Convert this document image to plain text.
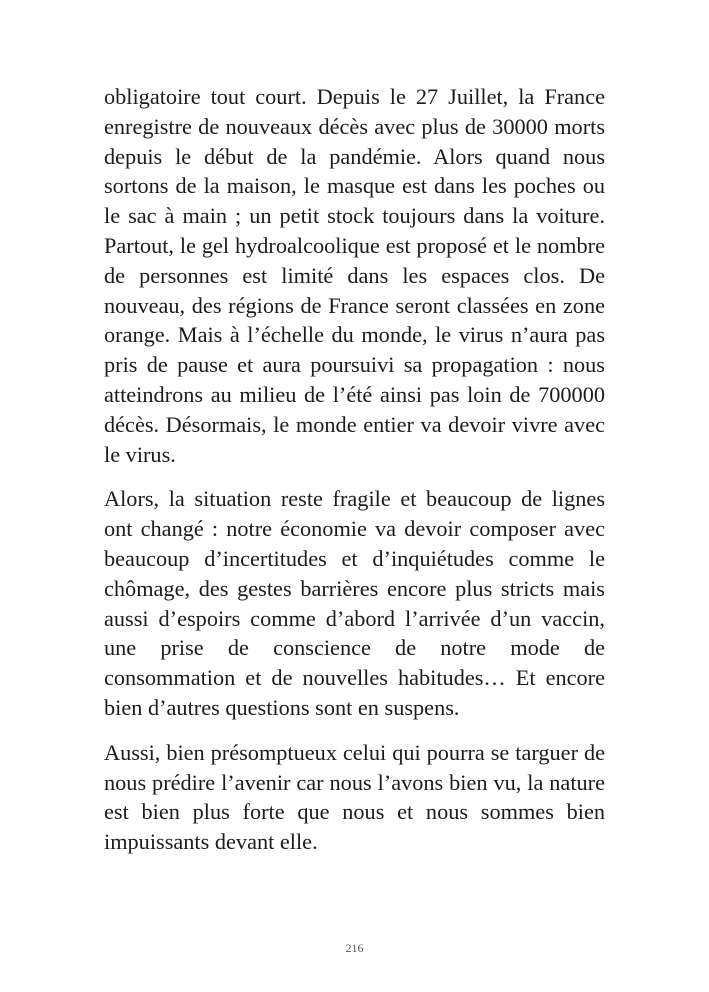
obligatoire tout court. Depuis le 27 Juillet, la France enregistre de nouveaux décès avec plus de 30000 morts depuis le début de la pandémie. Alors quand nous sortons de la maison, le masque est dans les poches ou le sac à main ; un petit stock toujours dans la voiture. Partout, le gel hydroalcoolique est proposé et le nombre de personnes est limité dans les espaces clos. De nouveau, des régions de France seront classées en zone orange. Mais à l’échelle du monde, le virus n’aura pas pris de pause et aura poursuivi sa propagation : nous atteindrons au milieu de l’été ainsi pas loin de 700000 décès. Désormais, le monde entier va devoir vivre avec le virus.

Alors, la situation reste fragile et beaucoup de lignes ont changé : notre économie va devoir composer avec beaucoup d’incertitudes et d’inquiétudes comme le chômage, des gestes barrières encore plus stricts mais aussi d’espoirs comme d’abord l’arrivée d’un vaccin, une prise de conscience de notre mode de consommation et de nouvelles habitudes… Et encore bien d’autres questions sont en suspens.

Aussi, bien présomptueux celui qui pourra se targuer de nous prédire l’avenir car nous l’avons bien vu, la nature est bien plus forte que nous et nous sommes bien impuissants devant elle.

216
